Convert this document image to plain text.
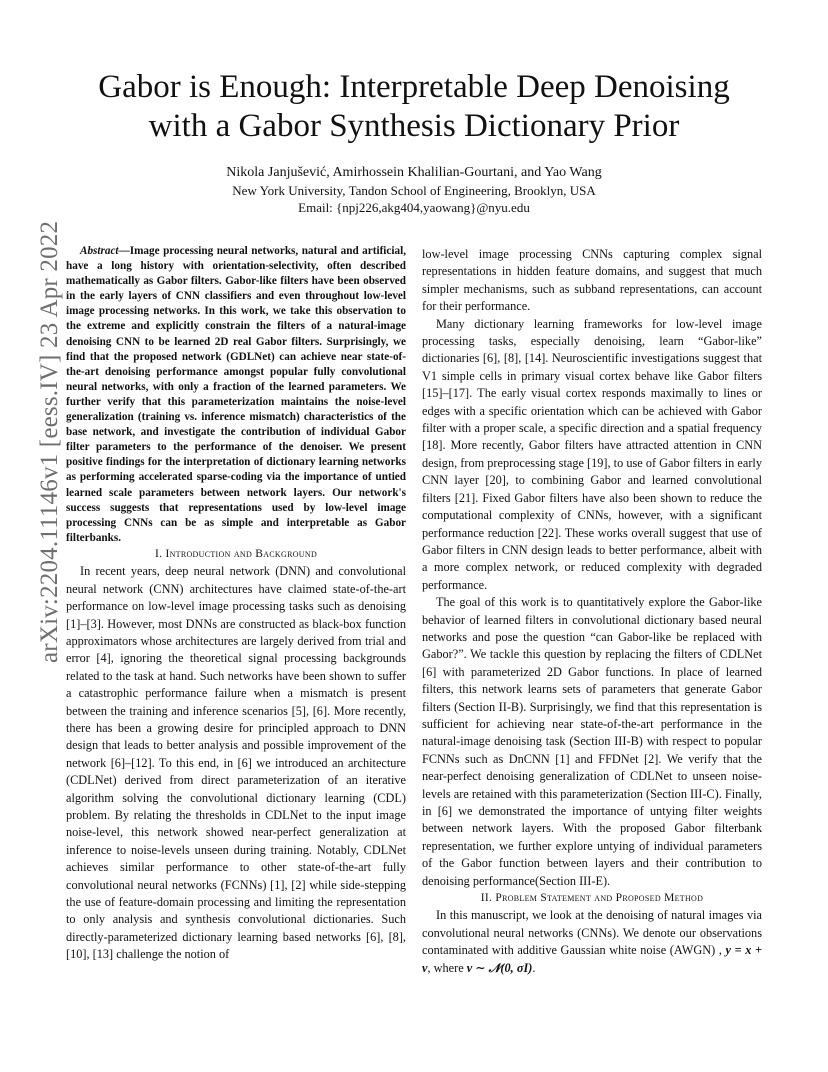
Gabor is Enough: Interpretable Deep Denoising
with a Gabor Synthesis Dictionary Prior
Nikola Janjušević, Amirhossein Khalilian-Gourtani, and Yao Wang
New York University, Tandon School of Engineering, Brooklyn, USA
Email: {npj226,akg404,yaowang}@nyu.edu
arXiv:2204.11146v1 [eess.IV] 23 Apr 2022	Abstract—Image processing neural networks, natural and artificial, have a long history with orientation-selectivity, often described mathematically as Gabor filters. Gabor-like filters have been observed in the early layers of CNN classifiers and even throughout low-level image processing networks. In this work, we take this observation to the extreme and explicitly constrain the filters of a natural-image denoising CNN to be learned 2D real Gabor filters. Surprisingly, we find that the proposed network (GDLNet) can achieve near state-of-the-art denoising performance amongst popular fully convolutional neural networks, with only a fraction of the learned parameters. We further verify that this parameterization maintains the noise-level generalization (training vs. inference mismatch) characteristics of the base network, and investigate the contribution of individual Gabor filter parameters to the performance of the denoiser. We present positive findings for the interpretation of dictionary learning networks as performing accelerated sparse-coding via the importance of untied learned scale parameters between network layers. Our network's success suggests that representations used by low-level image processing CNNs can be as simple and interpretable as Gabor filterbanks.

I. Introduction and Background

In recent years, deep neural network (DNN) and convolutional neural network (CNN) architectures have claimed state-of-the-art performance on low-level image processing tasks such as denoising [1]–[3]. However, most DNNs are constructed as black-box function approximators whose architectures are largely derived from trial and error [4], ignoring the theoretical signal processing backgrounds related to the task at hand. Such networks have been shown to suffer a catastrophic performance failure when a mismatch is present between the training and inference scenarios [5], [6]. More recently, there has been a growing desire for principled approach to DNN design that leads to better analysis and possible improvement of the network [6]–[12]. To this end, in [6] we introduced an architecture (CDLNet) derived from direct parameterization of an iterative algorithm solving the convolutional dictionary learning (CDL) problem. By relating the thresholds in CDLNet to the input image noise-level, this network showed near-perfect generalization at inference to noise-levels unseen during training. Notably, CDLNet achieves similar performance to other state-of-the-art fully convolutional neural networks (FCNNs) [1], [2] while side-stepping the use of feature-domain processing and limiting the representation to only analysis and synthesis convolutional dictionaries. Such directly-parameterized dictionary learning based networks [6], [8], [10], [13] challenge the notion of

low-level image processing CNNs capturing complex signal representations in hidden feature domains, and suggest that much simpler mechanisms, such as subband representations, can account for their performance.

Many dictionary learning frameworks for low-level image processing tasks, especially denoising, learn “Gabor-like” dictionaries [6], [8], [14]. Neuroscientific investigations suggest that V1 simple cells in primary visual cortex behave like Gabor filters [15]–[17]. The early visual cortex responds maximally to lines or edges with a specific orientation which can be achieved with Gabor filter with a proper scale, a specific direction and a spatial frequency [18]. More recently, Gabor filters have attracted attention in CNN design, from preprocessing stage [19], to use of Gabor filters in early CNN layer [20], to combining Gabor and learned convolutional filters [21]. Fixed Gabor filters have also been shown to reduce the computational complexity of CNNs, however, with a significant performance reduction [22]. These works overall suggest that use of Gabor filters in CNN design leads to better performance, albeit with a more complex network, or reduced complexity with degraded performance.

The goal of this work is to quantitatively explore the Gabor-like behavior of learned filters in convolutional dictionary based neural networks and pose the question “can Gabor-like be replaced with Gabor?”. We tackle this question by replacing the filters of CDLNet [6] with parameterized 2D Gabor functions. In place of learned filters, this network learns sets of parameters that generate Gabor filters (Section II-B). Surprisingly, we find that this representation is sufficient for achieving near state-of-the-art performance in the natural-image denoising task (Section III-B) with respect to popular FCNNs such as DnCNN [1] and FFDNet [2]. We verify that the near-perfect denoising generalization of CDLNet to unseen noise-levels are retained with this parameterization (Section III-C). Finally, in [6] we demonstrated the importance of untying filter weights between network layers. With the proposed Gabor filterbank representation, we further explore untying of individual parameters of the Gabor function between layers and their contribution to denoising performance(Section III-E).

II. Problem Statement and Proposed Method

In this manuscript, we look at the denoising of natural images via convolutional neural networks (CNNs). We denote our observations contaminated with additive Gaussian white noise (AWGN) , y = x + ν, where ν ∼ 𝒩(0, σI).
